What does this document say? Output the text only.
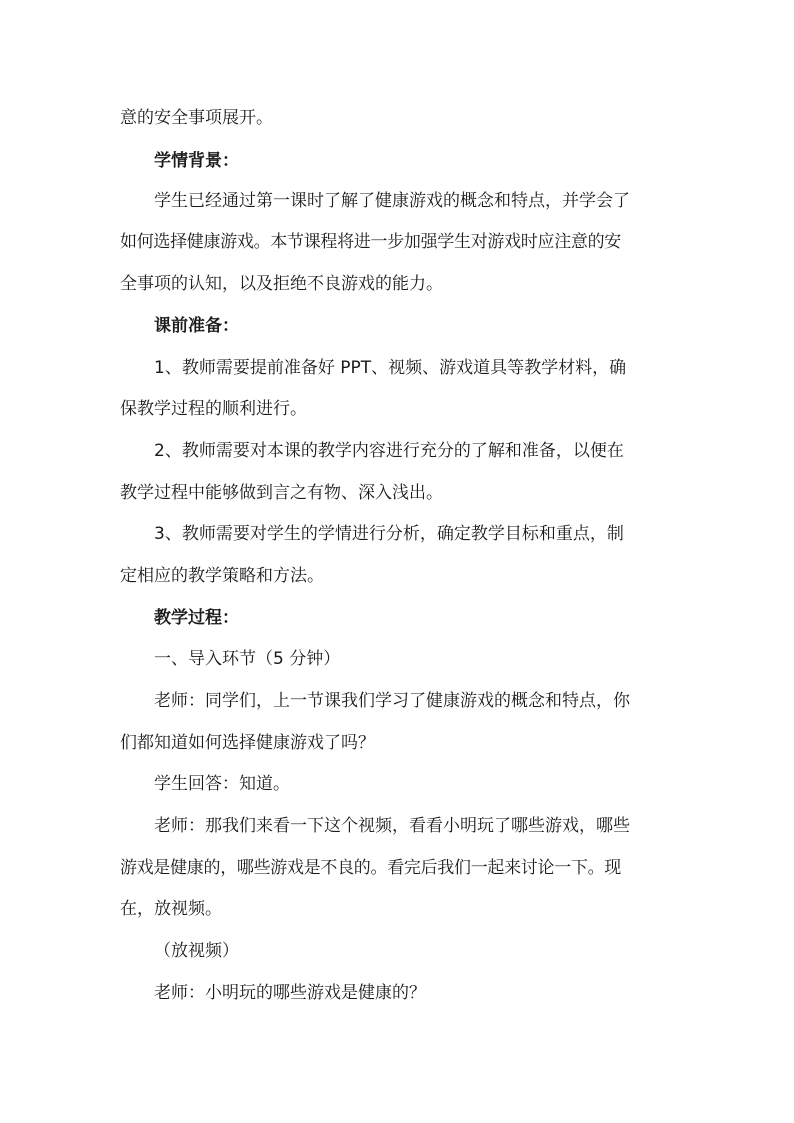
意的安全事项展开。
学情背景：
学生已经通过第一课时了解了健康游戏的概念和特点，并学会了
如何选择健康游戏。本节课程将进一步加强学生对游戏时应注意的安
全事项的认知，以及拒绝不良游戏的能力。
课前准备：
1、教师需要提前准备好 PPT、视频、游戏道具等教学材料，确
保教学过程的顺利进行。
2、教师需要对本课的教学内容进行充分的了解和准备，以便在
教学过程中能够做到言之有物、深入浅出。
3、教师需要对学生的学情进行分析，确定教学目标和重点，制
定相应的教学策略和方法。
教学过程：
一、导入环节（5 分钟）
老师：同学们，上一节课我们学习了健康游戏的概念和特点，你
们都知道如何选择健康游戏了吗？
学生回答：知道。
老师：那我们来看一下这个视频，看看小明玩了哪些游戏，哪些
游戏是健康的，哪些游戏是不良的。看完后我们一起来讨论一下。现
在，放视频。
（放视频）
老师：小明玩的哪些游戏是健康的？
